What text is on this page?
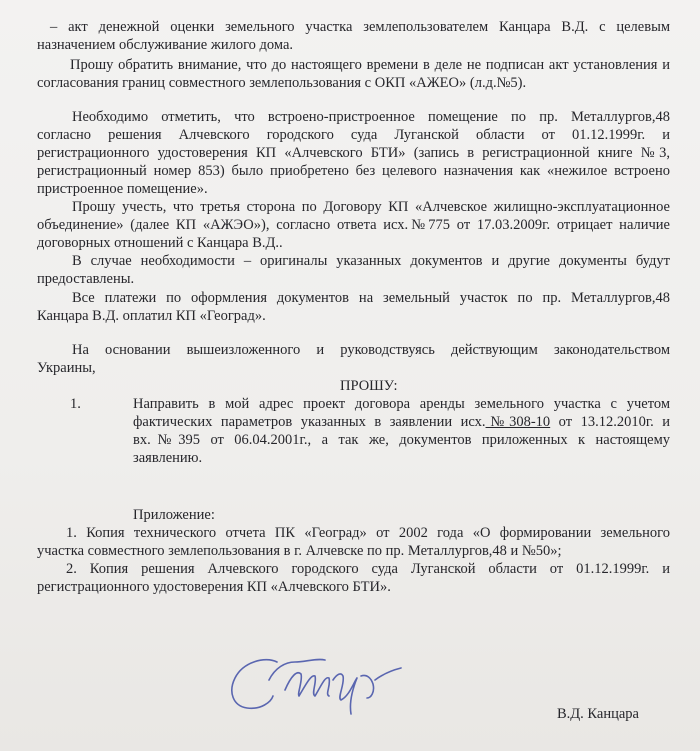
– акт денежной оценки земельного участка землепользователем Канцара В.Д. с целевым
назначением обслуживание жилого дома.
Прошу обратить внимание, что до настоящего времени в деле не подписан акт установления и
согласования границ совместного землепользования с ОКП «АЖЕО» (л.д.№5).
Необходимо отметить, что встроено-пристроенное помещение по пр. Металлургов,48
согласно решения Алчевского городского суда Луганской области от 01.12.1999г. и
регистрационного удостоверения КП «Алчевского БТИ» (запись в регистрационной книге №3,
регистрационный номер 853) было приобретено без целевого назначения как «нежилое встроено
пристроенное помещение».
Прошу учесть, что третья сторона по Договору КП «Алчевское жилищно-эксплуатационное
объединение» (далее КП «АЖЭО»), согласно ответа исх.№775 от 17.03.2009г. отрицает наличие
договорных отношений с Канцара В.Д..
В случае необходимости – оригиналы указанных документов и другие документы будут
предоставлены.
Все платежи по оформления документов на земельный участок по пр. Металлургов,48
Канцара В.Д. оплатил КП «Геоград».
На основании вышеизложенного и руководствуясь действующим законодательством
Украины,
ПРОШУ:
1.	Направить в мой адрес проект договора аренды земельного участка с учетом
фактических параметров указанных в заявлении исх.№308-10 от 13.12.2010г. и
вх.№395 от 06.04.2001г., а так же, документов приложенных к настоящему
заявлению.
Приложение:
1. Копия технического отчета ПК «Геоград» от 2002 года «О формировании земельного
участка совместного землепользования в г. Алчевске по пр. Металлургов,48 и №50»;
2. Копия решения Алчевского городского суда Луганской области от 01.12.1999г. и
регистрационного удостоверения КП «Алчевского БТИ».
В.Д. Канцара
